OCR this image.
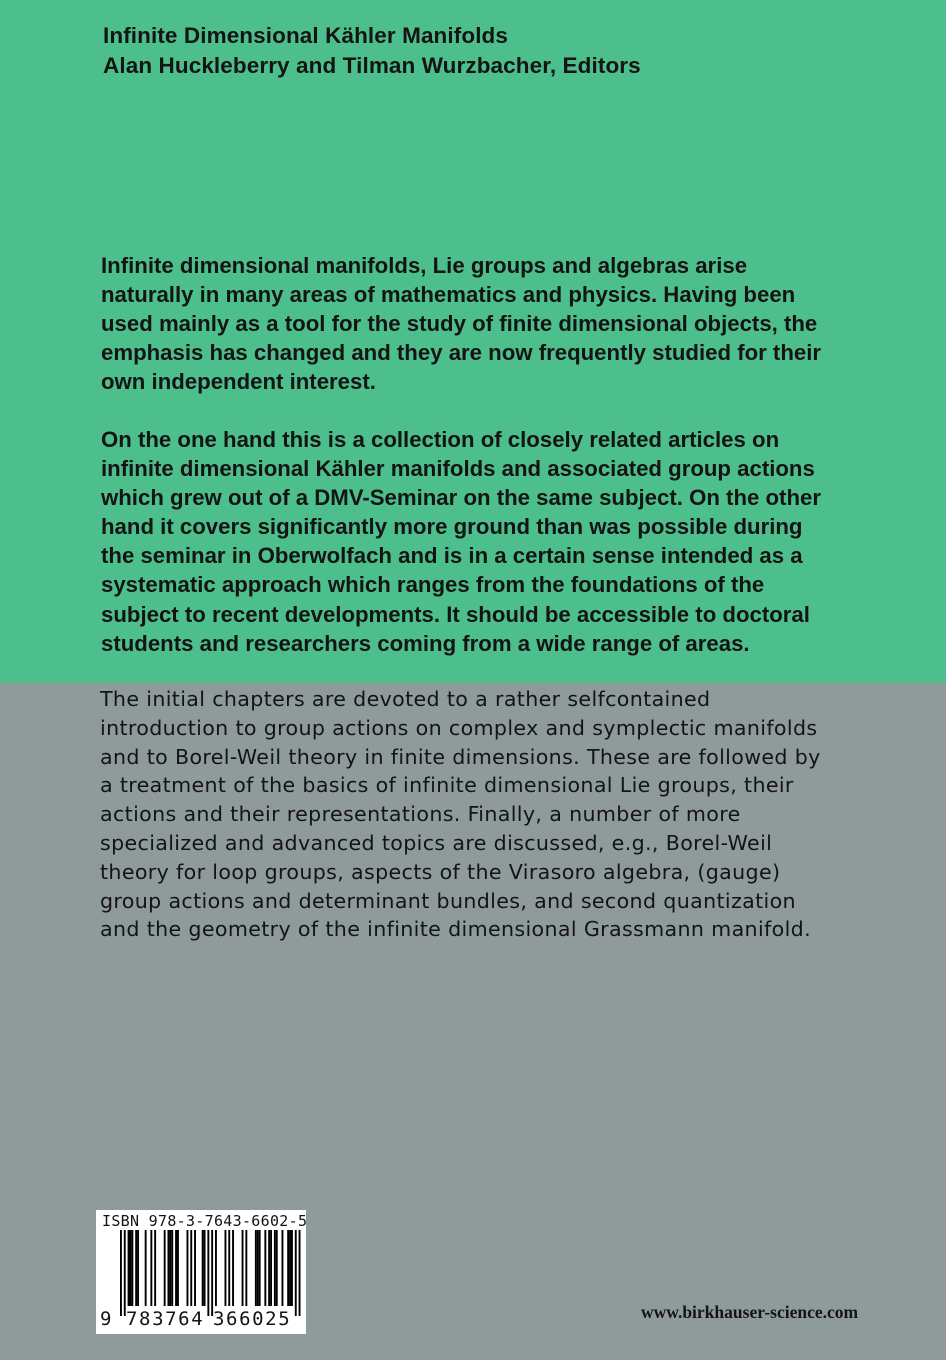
Infinite Dimensional Kähler Manifolds
Alan Huckleberry and Tilman Wurzbacher, Editors
Infinite dimensional manifolds, Lie groups and algebras arise
naturally in many areas of mathematics and physics. Having been
used mainly as a tool for the study of finite dimensional objects, the
emphasis has changed and they are now frequently studied for their
own independent interest.
On the one hand this is a collection of closely related articles on
infinite dimensional Kähler manifolds and associated group actions
which grew out of a DMV-Seminar on the same subject. On the other
hand it covers significantly more ground than was possible during
the seminar in Oberwolfach and is in a certain sense intended as a
systematic approach which ranges from the foundations of the
subject to recent developments. It should be accessible to doctoral
students and researchers coming from a wide range of areas.
The initial chapters are devoted to a rather selfcontained
introduction to group actions on complex and symplectic manifolds
and to Borel-Weil theory in finite dimensions. These are followed by
a treatment of the basics of infinite dimensional Lie groups, their
actions and their representations. Finally, a number of more
specialized and advanced topics are discussed, e.g., Borel-Weil
theory for loop groups, aspects of the Virasoro algebra, (gauge)
group actions and determinant bundles, and second quantization
and the geometry of the infinite dimensional Grassmann manifold.
ISBN 978-3-7643-6602-5
9 783764 366025	www.birkhauser-science.com
